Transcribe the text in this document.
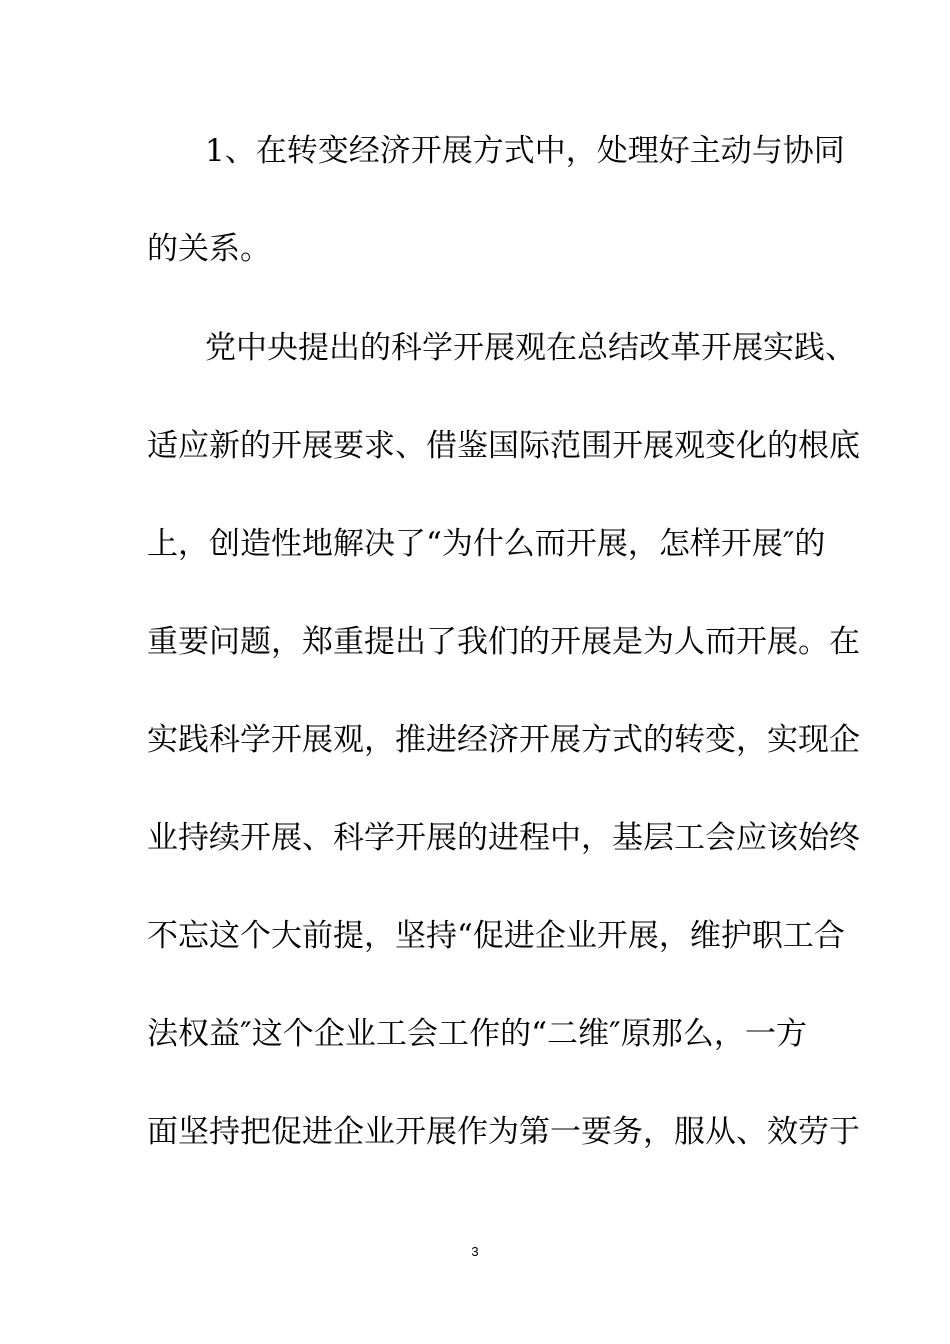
1、在转变经济开展方式中，处理好主动与协同
的关系。
党中央提出的科学开展观在总结改革开展实践、
适应新的开展要求、借鉴国际范围开展观变化的根底
上，创造性地解决了“为什么而开展，怎样开展″的
重要问题，郑重提出了我们的开展是为人而开展。在
实践科学开展观，推进经济开展方式的转变，实现企
业持续开展、科学开展的进程中，基层工会应该始终
不忘这个大前提，坚持“促进企业开展，维护职工合
法权益″这个企业工会工作的“二维″原那么，一方
面坚持把促进企业开展作为第一要务，服从、效劳于
3
